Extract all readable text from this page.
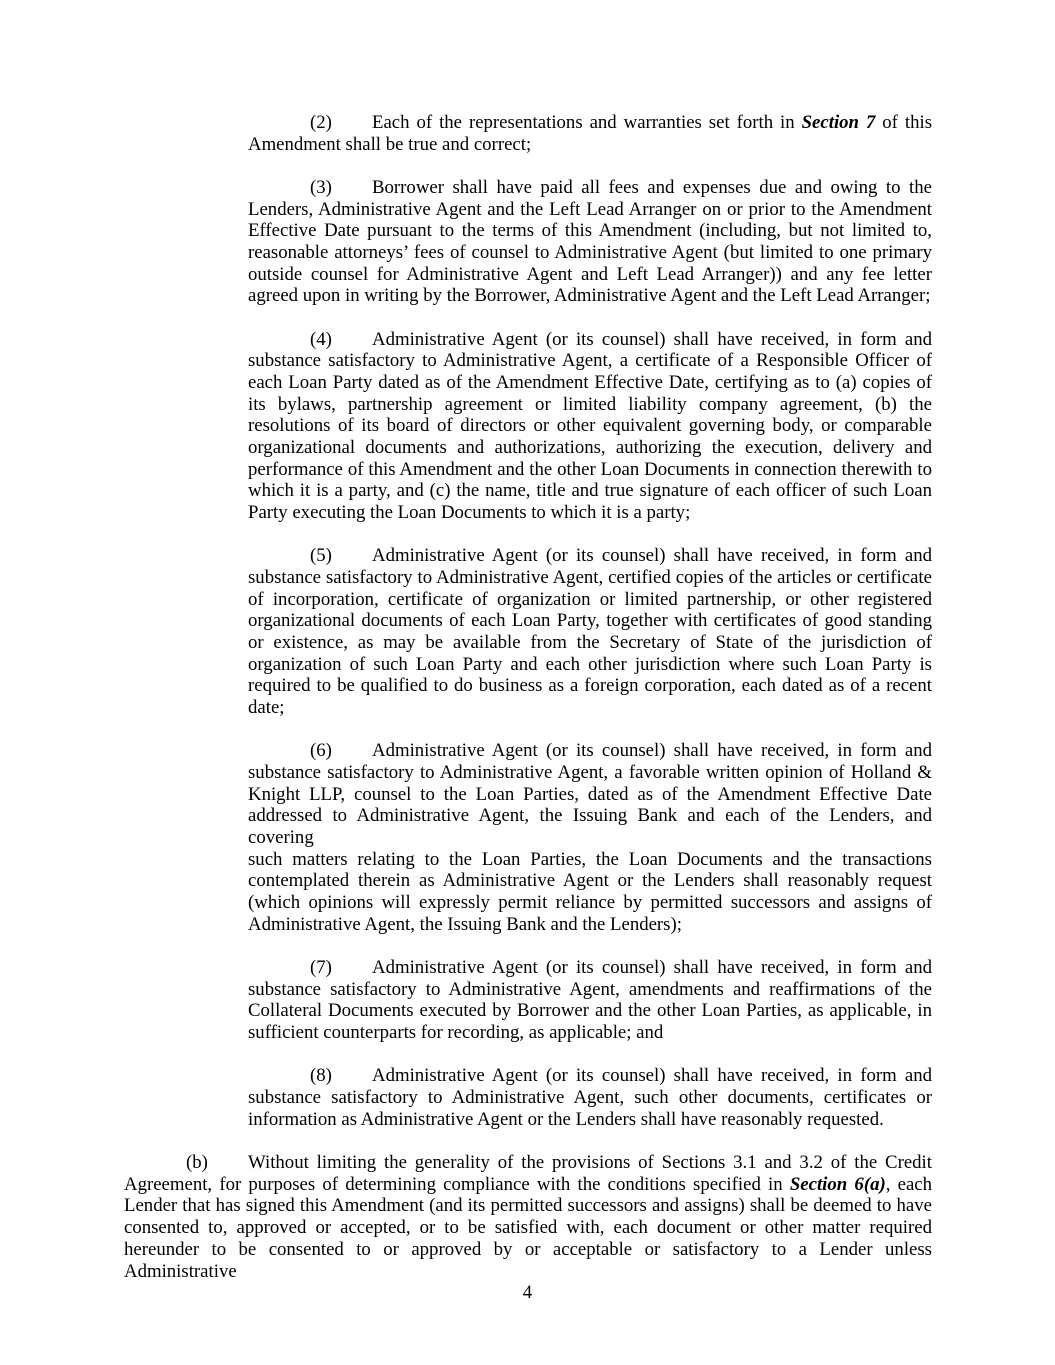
(2) Each of the representations and warranties set forth in Section 7 of this
Amendment shall be true and correct;
(3) Borrower shall have paid all fees and expenses due and owing to the
Lenders, Administrative Agent and the Left Lead Arranger on or prior to the Amendment
Effective Date pursuant to the terms of this Amendment (including, but not limited to,
reasonable attorneys’ fees of counsel to Administrative Agent (but limited to one primary
outside counsel for Administrative Agent and Left Lead Arranger)) and any fee letter
agreed upon in writing by the Borrower, Administrative Agent and the Left Lead Arranger;
(4) Administrative Agent (or its counsel) shall have received, in form and
substance satisfactory to Administrative Agent, a certificate of a Responsible Officer of
each Loan Party dated as of the Amendment Effective Date, certifying as to (a) copies of
its bylaws, partnership agreement or limited liability company agreement, (b) the
resolutions of its board of directors or other equivalent governing body, or comparable
organizational documents and authorizations, authorizing the execution, delivery and
performance of this Amendment and the other Loan Documents in connection therewith to
which it is a party, and (c) the name, title and true signature of each officer of such Loan
Party executing the Loan Documents to which it is a party;
(5) Administrative Agent (or its counsel) shall have received, in form and
substance satisfactory to Administrative Agent, certified copies of the articles or certificate
of incorporation, certificate of organization or limited partnership, or other registered
organizational documents of each Loan Party, together with certificates of good standing
or existence, as may be available from the Secretary of State of the jurisdiction of
organization of such Loan Party and each other jurisdiction where such Loan Party is
required to be qualified to do business as a foreign corporation, each dated as of a recent
date;
(6) Administrative Agent (or its counsel) shall have received, in form and
substance satisfactory to Administrative Agent, a favorable written opinion of Holland &
Knight LLP, counsel to the Loan Parties, dated as of the Amendment Effective Date
addressed to Administrative Agent, the Issuing Bank and each of the Lenders, and covering
such matters relating to the Loan Parties, the Loan Documents and the transactions
contemplated therein as Administrative Agent or the Lenders shall reasonably request
(which opinions will expressly permit reliance by permitted successors and assigns of
Administrative Agent, the Issuing Bank and the Lenders);
(7) Administrative Agent (or its counsel) shall have received, in form and
substance satisfactory to Administrative Agent, amendments and reaffirmations of the
Collateral Documents executed by Borrower and the other Loan Parties, as applicable, in
sufficient counterparts for recording, as applicable; and
(8) Administrative Agent (or its counsel) shall have received, in form and
substance satisfactory to Administrative Agent, such other documents, certificates or
information as Administrative Agent or the Lenders shall have reasonably requested.
(b) Without limiting the generality of the provisions of Sections 3.1 and 3.2 of the Credit
Agreement, for purposes of determining compliance with the conditions specified in Section 6(a), each
Lender that has signed this Amendment (and its permitted successors and assigns) shall be deemed to have
consented to, approved or accepted, or to be satisfied with, each document or other matter required
hereunder to be consented to or approved by or acceptable or satisfactory to a Lender unless Administrative
4
